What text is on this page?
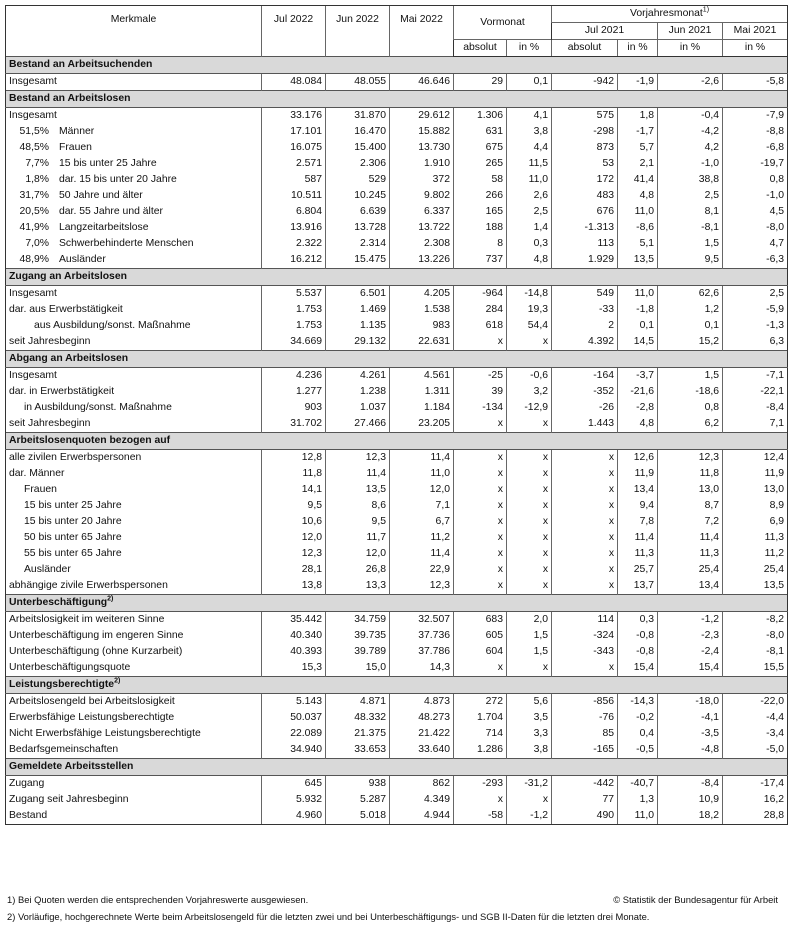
Merkmale	Jul 2022	Jun 2022	Mai 2022	Vormonat		Vorjahresmonat$^{1)}$
						Jul 2021		Jun 2021	Mai 2021
				absolut	in %	absolut	in %	in %	in %
Bestand an Arbeitsuchenden									
Insgesamt	48.084	48.055	46.646	29	0,1	-942	-1,9	-2,6	-5,8
Bestand an Arbeitslosen									
Insgesamt	33.176	31.870	29.612	1.306	4,1	575	1,8	-0,4	-7,9
51,5% Männer	17.101	16.470	15.882	631	3,8	-298	-1,7	-4,2	-8,8
48,5% Frauen	16.075	15.400	13.730	675	4,4	873	5,7	4,2	-6,8
7,7% 15 bis unter 25 Jahre	2.571	2.306	1.910	265	11,5	53	2,1	-1,0	-19,7
1,8% dar. 15 bis unter 20 Jahre	587	529	372	58	11,0	172	41,4	38,8	0,8
31,7% 50 Jahre und älter	10.511	10.245	9.802	266	2,6	483	4,8	2,5	-1,0
20,5% dar. 55 Jahre und älter	6.804	6.639	6.337	165	2,5	676	11,0	8,1	4,5
41,9% Langzeitarbeitslose	13.916	13.728	13.722	188	1,4	-1.313	-8,6	-8,1	-8,0
7,0% Schwerbehinderte Menschen	2.322	2.314	2.308	8	0,3	113	5,1	1,5	4,7
48,9% Ausländer	16.212	15.475	13.226	737	4,8	1.929	13,5	9,5	-6,3
Zugang an Arbeitslosen									
Insgesamt	5.537	6.501	4.205	-964	-14,8	549	11,0	62,6	2,5
dar. aus Erwerbstätigkeit	1.753	1.469	1.538	284	19,3	-33	-1,8	1,2	-5,9
aus Ausbildung/sonst. Maßnahme	1.753	1.135	983	618	54,4	2	0,1	0,1	-1,3
seit Jahresbeginn	34.669	29.132	22.631	x	x	4.392	14,5	15,2	6,3
Abgang an Arbeitslosen									
Insgesamt	4.236	4.261	4.561	-25	-0,6	-164	-3,7	1,5	-7,1
dar. in Erwerbstätigkeit	1.277	1.238	1.311	39	3,2	-352	-21,6	-18,6	-22,1
in Ausbildung/sonst. Maßnahme	903	1.037	1.184	-134	-12,9	-26	-2,8	0,8	-8,4
seit Jahresbeginn	31.702	27.466	23.205	x	x	1.443	4,8	6,2	7,1
Arbeitslosenquoten bezogen auf									
alle zivilen Erwerbspersonen	12,8	12,3	11,4	x	x	x	12,6	12,3	12,4
dar. Männer	11,8	11,4	11,0	x	x	x	11,9	11,8	11,9
Frauen	14,1	13,5	12,0	x	x	x	13,4	13,0	13,0
15 bis unter 25 Jahre	9,5	8,6	7,1	x	x	x	9,4	8,7	8,9
15 bis unter 20 Jahre	10,6	9,5	6,7	x	x	x	7,8	7,2	6,9
50 bis unter 65 Jahre	12,0	11,7	11,2	x	x	x	11,4	11,4	11,3
55 bis unter 65 Jahre	12,3	12,0	11,4	x	x	x	11,3	11,3	11,2
Ausländer	28,1	26,8	22,9	x	x	x	25,7	25,4	25,4
abhängige zivile Erwerbspersonen	13,8	13,3	12,3	x	x	x	13,7	13,4	13,5
Unterbeschäftigung$^{2)}$
Arbeitslosigkeit im weiteren Sinne	35.442	34.759	32.507	683	2,0	114	0,3	-1,2	-8,2
Unterbeschäftigung im engeren Sinne	40.340	39.735	37.736	605	1,5	-324	-0,8	-2,3	-8,0
Unterbeschäftigung (ohne Kurzarbeit)	40.393	39.789	37.786	604	1,5	-343	-0,8	-2,4	-8,1
Unterbeschäftigungsquote	15,3	15,0	14,3	x	x	x	15,4	15,4	15,5
Leistungsberechtigte$^{2)}$
Arbeitslosengeld bei Arbeitslosigkeit	5.143	4.871	4.873	272	5,6	-856	-14,3	-18,0	-22,0
Erwerbsfähige Leistungsberechtigte	50.037	48.332	48.273	1.704	3,5	-76	-0,2	-4,1	-4,4
Nicht Erwerbsfähige Leistungsberechtigte	22.089	21.375	21.422	714	3,3	85	0,4	-3,5	-3,4
Bedarfsgemeinschaften	34.940	33.653	33.640	1.286	3,8	-165	-0,5	-4,8	-5,0
Gemeldete Arbeitsstellen									
Zugang	645	938	862	-293	-31,2	-442	-40,7	-8,4	-17,4
Zugang seit Jahresbeginn	5.932	5.287	4.349	x	x	77	1,3	10,9	16,2
Bestand	4.960	5.018	4.944	-58	-1,2	490	11,0	18,2	28,8
1) Bei Quoten werden die entsprechenden Vorjahreswerte ausgewiesen.	© Statistik der Bundesagentur für Arbeit
2) Vorläufige, hochgerechnete Werte beim Arbeitslosengeld für die letzten zwei und bei Unterbeschäftigungs- und SGB II-Daten für die letzten drei Monate.
